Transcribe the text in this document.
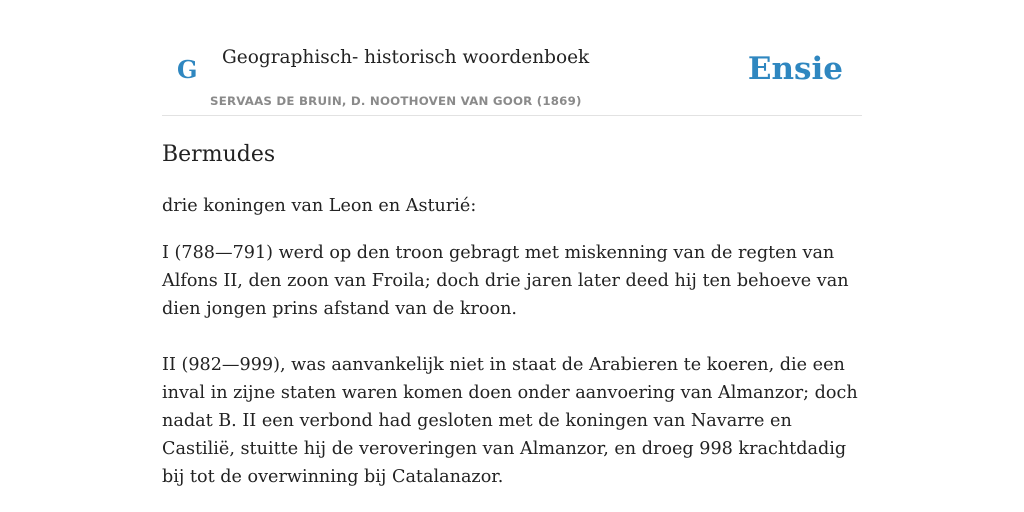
G Geographisch- historisch woordenboek
SERVAAS DE BRUIN, D. NOOTHOVEN VAN GOOR (1869)
Ensie
Bermudes

drie koningen van Leon en Asturié:

I (788—791) werd op den troon gebragt met miskenning van de regten van Alfons II, den zoon van Froila; doch drie jaren later deed hij ten behoeve van dien jongen prins afstand van de kroon.

II (982—999), was aanvankelijk niet in staat de Arabieren te koeren, die een inval in zijne staten waren komen doen onder aanvoering van Almanzor; doch nadat B. II een verbond had gesloten met de koningen van Navarre en Castilië, stuitte hij de veroveringen van Almanzor, en droeg 998 krachtdadig bij tot de overwinning bij Catalanazor.
